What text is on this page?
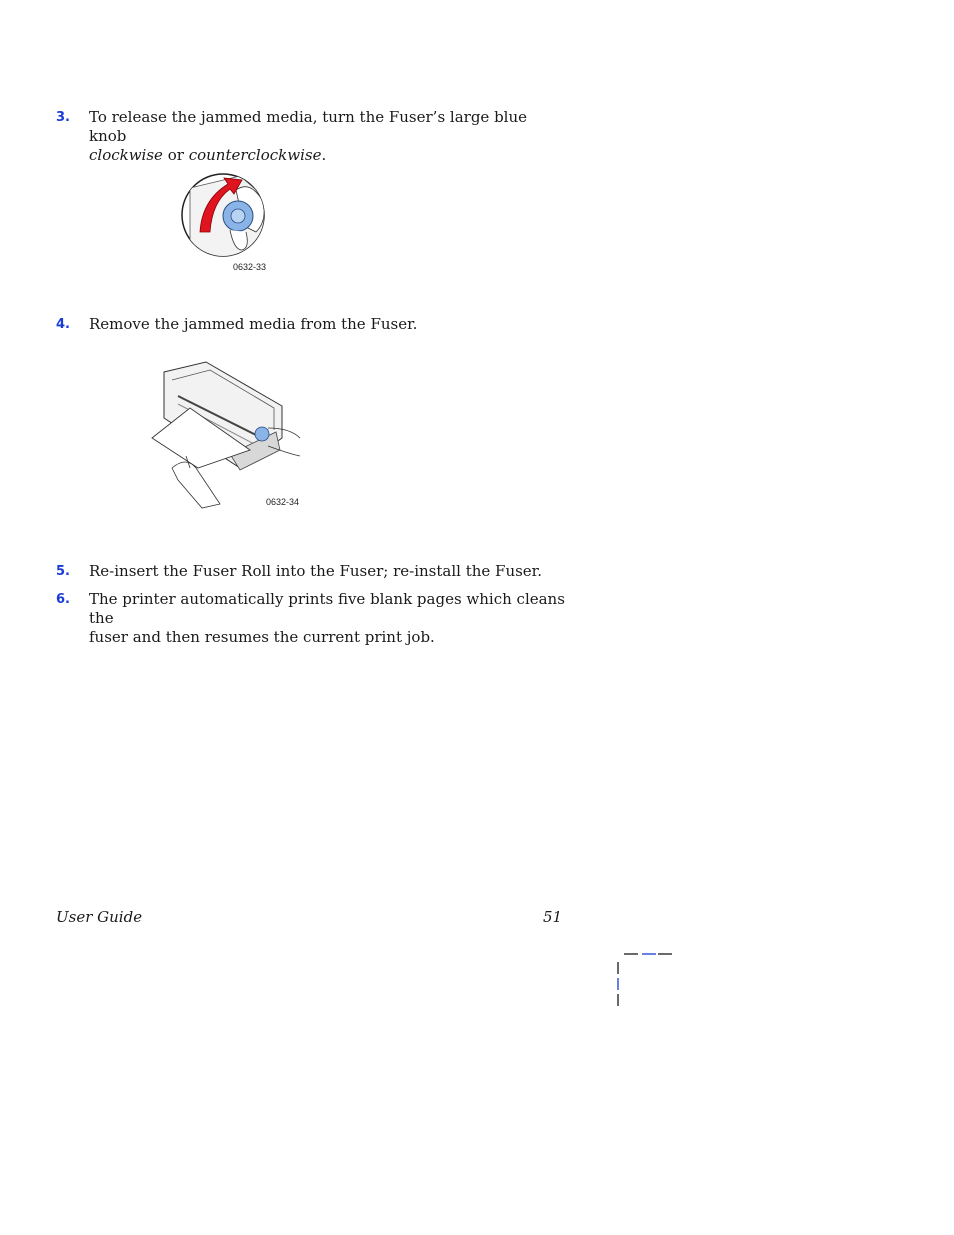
3. To release the jammed media, turn the Fuser’s large blue knob
clockwise or counterclockwise.
0632-33
4. Remove the jammed media from the Fuser.
0632-34
5. Re-insert the Fuser Roll into the Fuser; re-install the Fuser.
6. The printer automatically prints five blank pages which cleans the
fuser and then resumes the current print job.
User Guide	51
